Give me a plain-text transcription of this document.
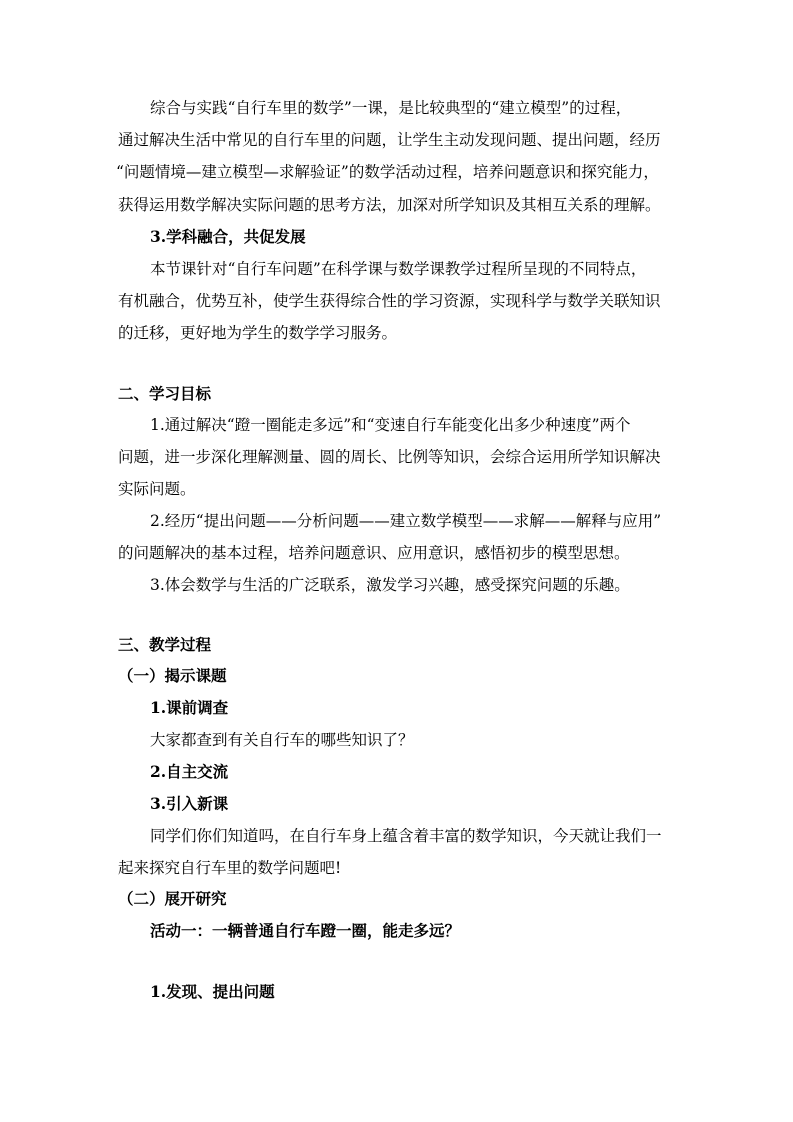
综合与实践“自行车里的数学”一课，是比较典型的“建立模型”的过程，
通过解决生活中常见的自行车里的问题，让学生主动发现问题、提出问题，经历
“问题情境—建立模型—求解验证”的数学活动过程，培养问题意识和探究能力，
获得运用数学解决实际问题的思考方法，加深对所学知识及其相互关系的理解。
3.学科融合，共促发展
本节课针对“自行车问题”在科学课与数学课教学过程所呈现的不同特点，
有机融合，优势互补，使学生获得综合性的学习资源，实现科学与数学关联知识
的迁移，更好地为学生的数学学习服务。
二、学习目标
1.通过解决“蹬一圈能走多远”和“变速自行车能变化出多少种速度”两个
问题，进一步深化理解测量、圆的周长、比例等知识，会综合运用所学知识解决
实际问题。
2.经历“提出问题——分析问题——建立数学模型——求解——解释与应用”
的问题解决的基本过程，培养问题意识、应用意识，感悟初步的模型思想。
3.体会数学与生活的广泛联系，激发学习兴趣，感受探究问题的乐趣。
三、教学过程
（一）揭示课题
1.课前调查
大家都查到有关自行车的哪些知识了？
2.自主交流
3.引入新课
同学们你们知道吗，在自行车身上蕴含着丰富的数学知识，今天就让我们一
起来探究自行车里的数学问题吧!
（二）展开研究
活动一：一辆普通自行车蹬一圈，能走多远？
1.发现、提出问题
